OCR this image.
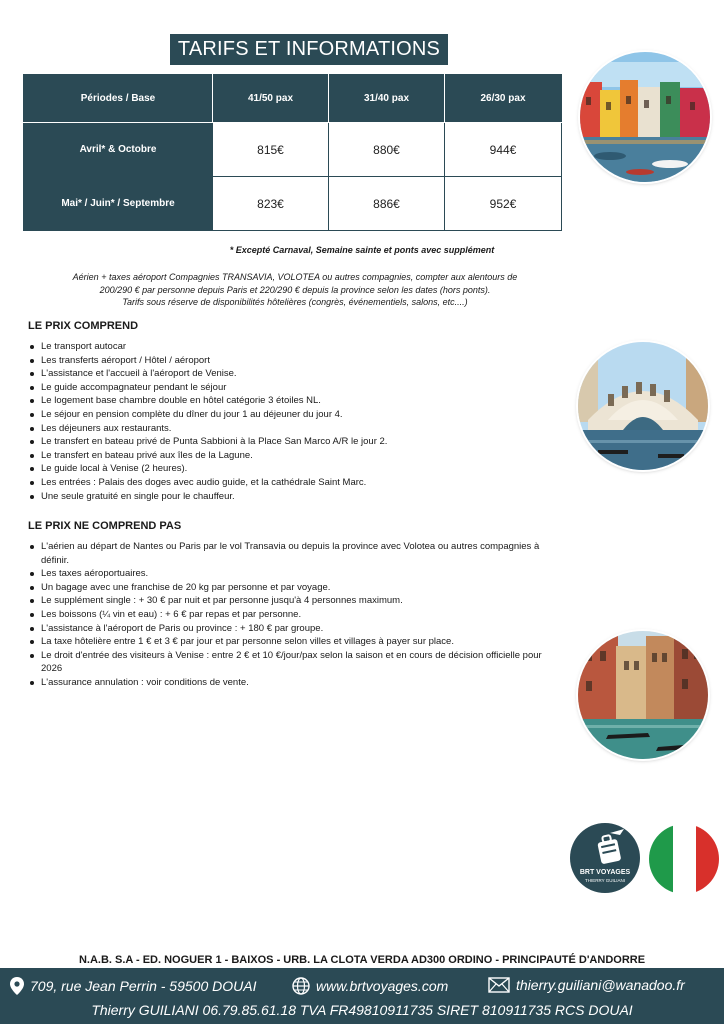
TARIFS ET INFORMATIONS
Périodes / Base	41/50 pax	31/40 pax	26/30 pax
Avril* & Octobre	815€	880€	944€
Mai* / Juin* / Septembre	823€	886€	952€
* Excepté Carnaval, Semaine sainte et ponts avec supplément
Aérien + taxes aéroport Compagnies TRANSAVIA, VOLOTEA ou autres compagnies, compter aux alentours de
200/290 € par personne depuis Paris et 220/290 € depuis la province selon les dates (hors ponts).
Tarifs sous réserve de disponibilités hôtelières (congrès, événementiels, salons, etc....)
LE PRIX COMPREND
Le transport autocar
Les transferts aéroport / Hôtel / aéroport
L'assistance et l'accueil à l'aéroport de Venise.
Le guide accompagnateur pendant le séjour
Le logement base chambre double en hôtel catégorie 3 étoiles NL.
Le séjour en pension complète du dîner du jour 1 au déjeuner du jour 4.
Les déjeuners aux restaurants.
Le transfert en bateau privé de Punta Sabbioni à la Place San Marco A/R le jour 2.
Le transfert en bateau privé aux îles de la Lagune.
Le guide local à Venise (2 heures).
Les entrées : Palais des doges avec audio guide, et la cathédrale Saint Marc.
Une seule gratuité en single pour le chauffeur.
LE PRIX NE COMPREND PAS
L'aérien au départ de Nantes ou Paris par le vol Transavia ou depuis la province avec Volotea ou autres compagnies à définir.
Les taxes aéroportuaires.
Un bagage avec une franchise de 20 kg par personne et par voyage.
Le supplément single : + 30 € par nuit et par personne jusqu'à 4 personnes maximum.
Les boissons (¼ vin et eau) : + 6 € par repas et par personne.
L'assistance à l'aéroport de Paris ou province : + 180 € par groupe.
La taxe hôtelière entre 1 € et 3 € par jour et par personne selon villes et villages à payer sur place.
Le droit d'entrée des visiteurs à Venise : entre 2 € et 10 €/jour/pax selon la saison et en cours de décision officielle pour 2026
L'assurance annulation : voir conditions de vente.
BRT VOYAGES
THIERRY GUILIANI
N.A.B. S.A - ED. NOGUER 1 - BAIXOS - URB. LA CLOTA VERDA AD300 ORDINO - PRINCIPAUTÉ D'ANDORRE
709, rue Jean Perrin - 59500 DOUAI	www.brtvoyages.com	thierry.guiliani@wanadoo.fr
Thierry GUILIANI 06.79.85.61.18 TVA FR49810911735 SIRET 810911735 RCS DOUAI
